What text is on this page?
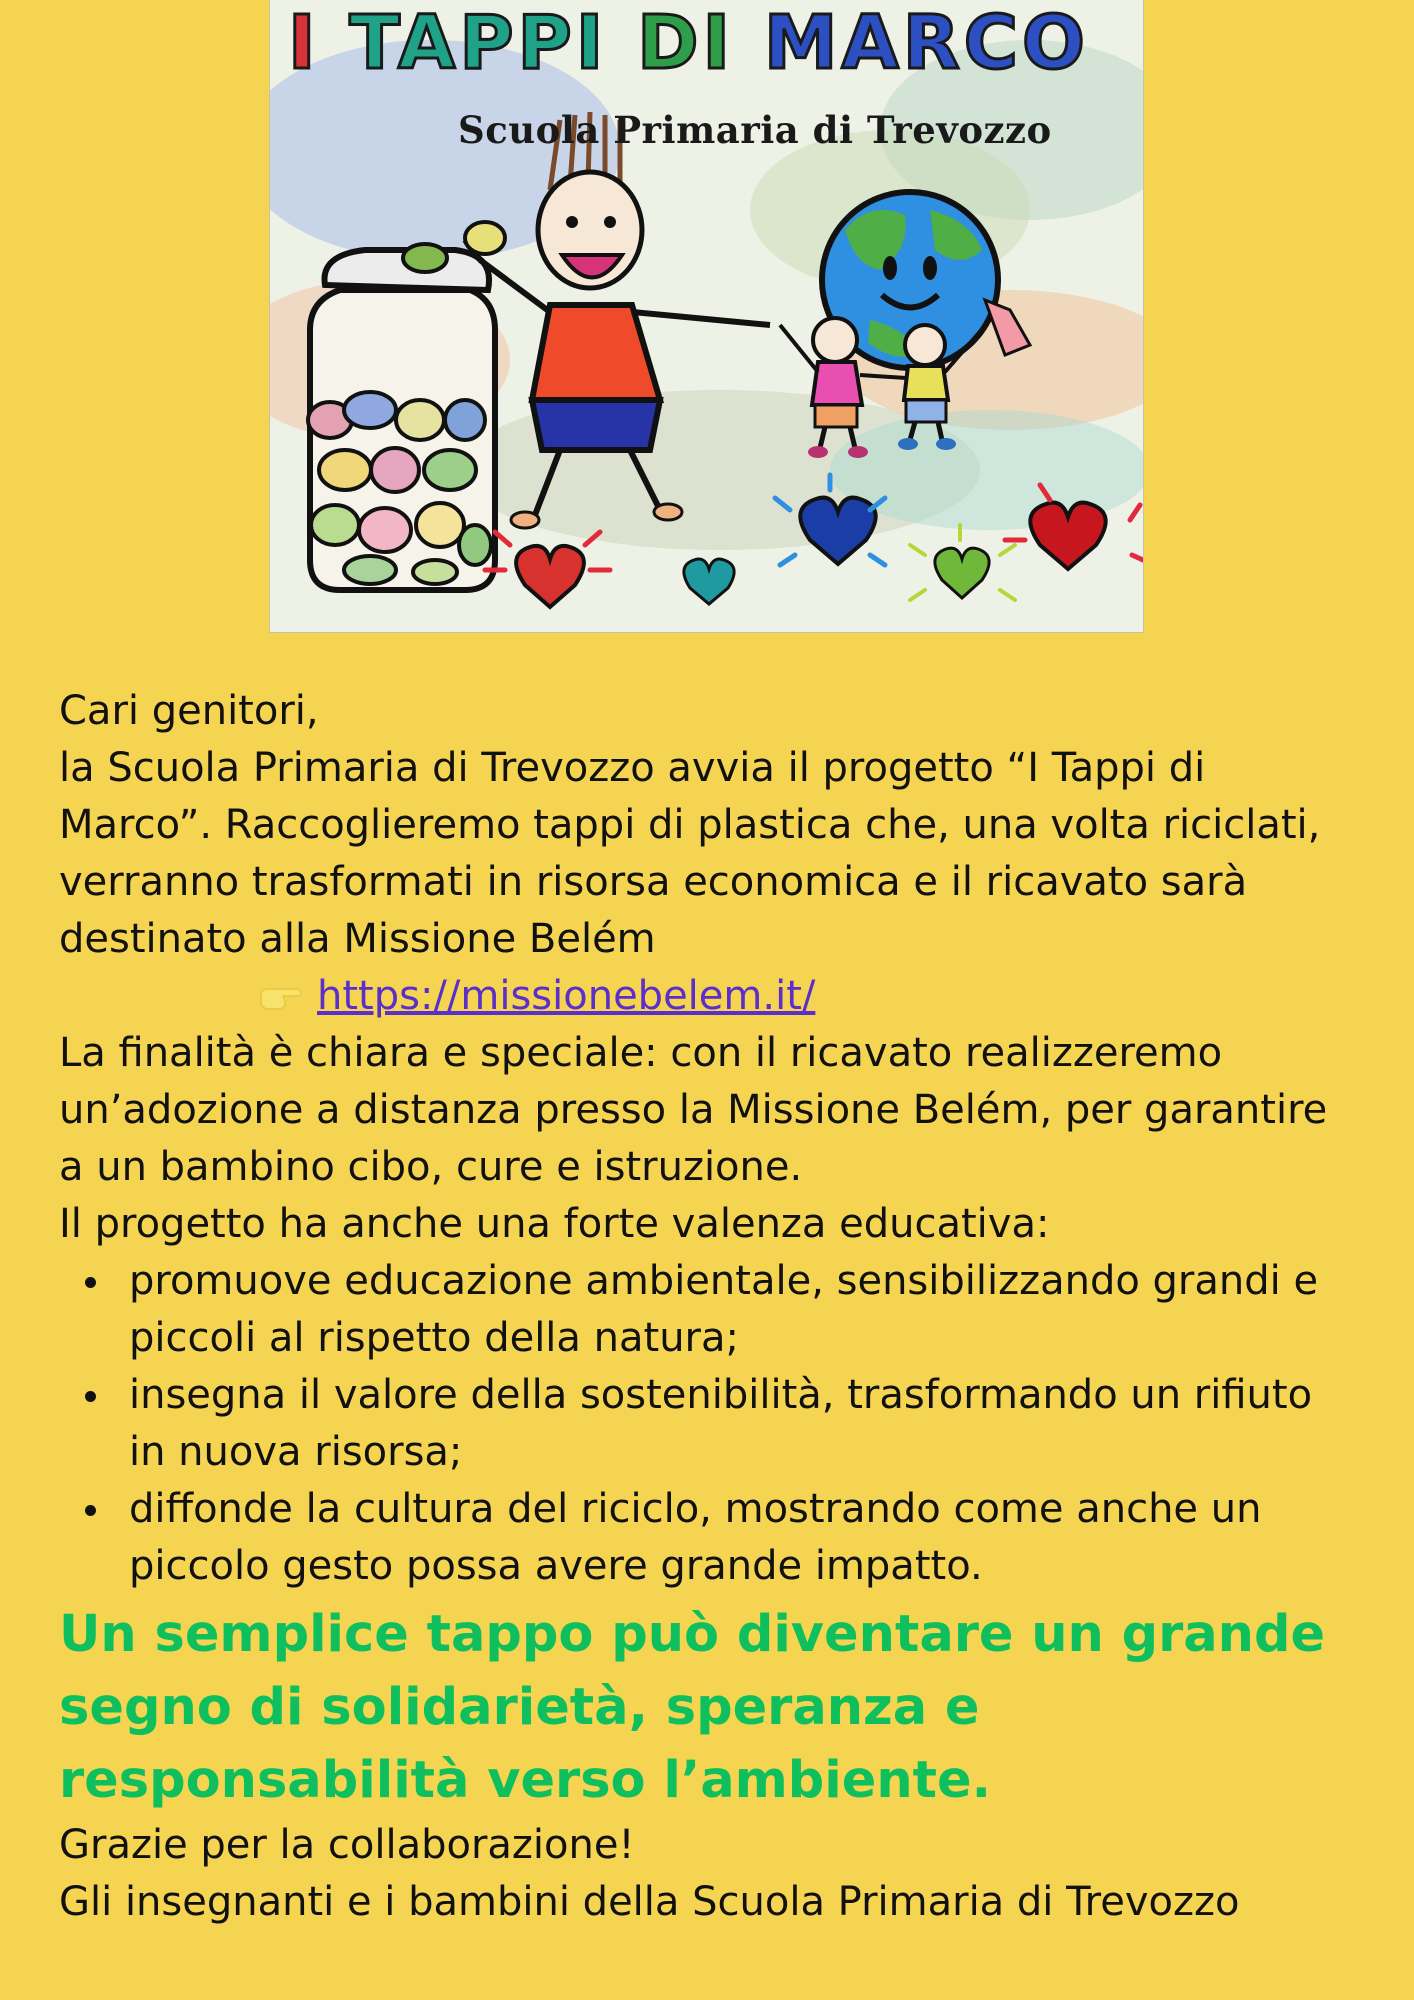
I TAPPI DI MARCO
Scuola Primaria di Trevozzo

Cari genitori,

la Scuola Primaria di Trevozzo avvia il progetto “I Tappi di Marco”. Raccoglieremo tappi di plastica che, una volta riciclati, verranno trasformati in risorsa economica e il ricavato sarà destinato alla Missione Belém

https://missionebelem.it/

La finalità è chiara e speciale: con il ricavato realizzeremo un’adozione a distanza presso la Missione Belém, per garantire a un bambino cibo, cure e istruzione.

Il progetto ha anche una forte valenza educativa:

promuove educazione ambientale, sensibilizzando grandi e piccoli al rispetto della natura;
insegna il valore della sostenibilità, trasformando un rifiuto in nuova risorsa;
diffonde la cultura del riciclo, mostrando come anche un piccolo gesto possa avere grande impatto.

Un semplice tappo può diventare un grande segno di solidarietà, speranza e responsabilità verso l’ambiente.

Grazie per la collaborazione!

Gli insegnanti e i bambini della Scuola Primaria di Trevozzo
